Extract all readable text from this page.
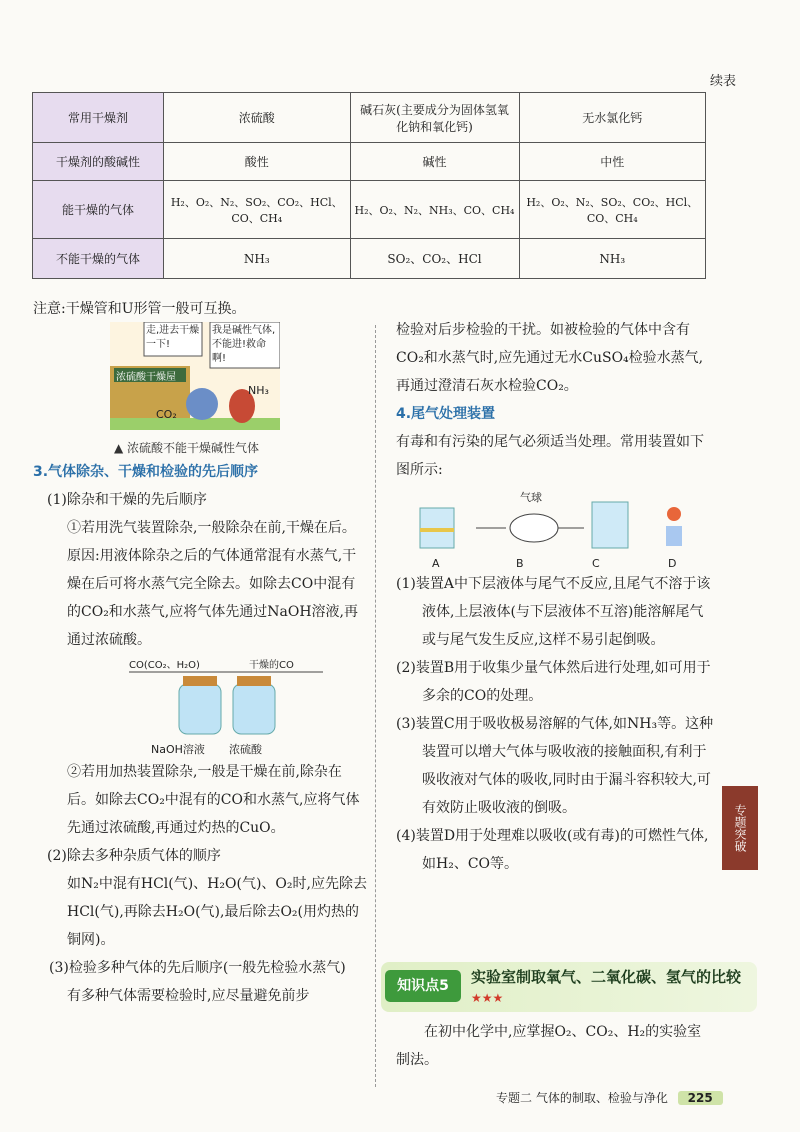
续表
常用干燥剂	浓硫酸	碱石灰(主要成分为固体氢氧化钠和氧化钙)	无水氯化钙
干燥剂的酸碱性	酸性	碱性	中性
能干燥的气体	H₂、O₂、N₂、SO₂、CO₂、HCl、CO、CH₄	H₂、O₂、N₂、NH₃、CO、CH₄	H₂、O₂、N₂、SO₂、CO₂、HCl、CO、CH₄
不能干燥的气体	NH₃	SO₂、CO₂、HCl	NH₃
注意:干燥管和U形管一般可互换。
走,进去干燥一下!
我是碱性气体,不能进!救命啊!
浓硫酸干燥屋
NH₃
CO₂
▲ 浓硫酸不能干燥碱性气体

3.气体除杂、干燥和检验的先后顺序

(1)除杂和干燥的先后顺序

①若用洗气装置除杂,一般除杂在前,干燥在后。

原因:用液体除杂之后的气体通常混有水蒸气,干燥在后可将水蒸气完全除去。如除去CO中混有的CO₂和水蒸气,应将气体先通过NaOH溶液,再通过浓硫酸。

CO(CO₂、H₂O)	干燥的CO
NaOH溶液 浓硫酸

②若用加热装置除杂,一般是干燥在前,除杂在后。如除去CO₂中混有的CO和水蒸气,应将气体先通过浓硫酸,再通过灼热的CuO。

(2)除去多种杂质气体的顺序

如N₂中混有HCl(气)、H₂O(气)、O₂时,应先除去HCl(气),再除去H₂O(气),最后除去O₂(用灼热的铜网)。

(3)检验多种气体的先后顺序(一般先检验水蒸气)

有多种气体需要检验时,应尽量避免前步

检验对后步检验的干扰。如被检验的气体中含有CO₂和水蒸气时,应先通过无水CuSO₄检验水蒸气,再通过澄清石灰水检验CO₂。

4.尾气处理装置

有毒和有污染的尾气必须适当处理。常用装置如下图所示:

气球
A	B	C	D

(1)装置A中下层液体与尾气不反应,且尾气不溶于该液体,上层液体(与下层液体不互溶)能溶解尾气或与尾气发生反应,这样不易引起倒吸。

(2)装置B用于收集少量气体然后进行处理,如可用于多余的CO的处理。

(3)装置C用于吸收极易溶解的气体,如NH₃等。这种装置可以增大气体与吸收液的接触面积,有利于吸收液对气体的吸收,同时由于漏斗容积较大,可有效防止吸收液的倒吸。

(4)装置D用于处理难以吸收(或有毒)的可燃性气体,如H₂、CO等。

知识点5	实验室制取氧气、二氧化碳、氢气的比较 ★★★

在初中化学中,应掌握O₂、CO₂、H₂的实验室制法。

专题突破
专题二 气体的制取、检验与净化 225
